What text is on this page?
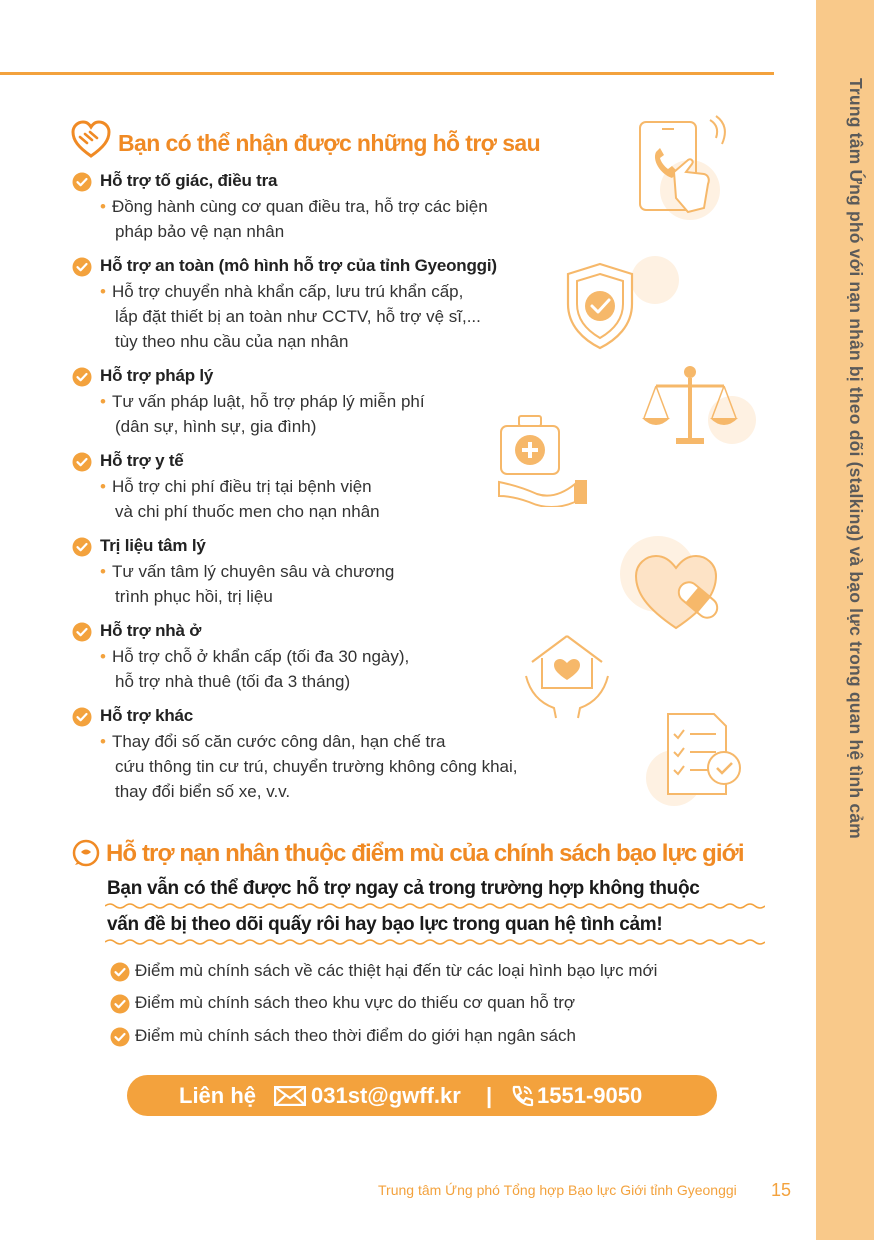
Trung tâm Ứng phó với nạn nhân bị theo dõi (stalking) và bạo lực trong quan hệ tình cảm
Bạn có thể nhận được những hỗ trợ sau
Hỗ trợ tố giác, điều tra
• Đồng hành cùng cơ quan điều tra, hỗ trợ các biện
pháp bảo vệ nạn nhân
Hỗ trợ an toàn (mô hình hỗ trợ của tỉnh Gyeonggi)
• Hỗ trợ chuyển nhà khẩn cấp, lưu trú khẩn cấp,
lắp đặt thiết bị an toàn như CCTV, hỗ trợ vệ sĩ,...
tùy theo nhu cầu của nạn nhân
Hỗ trợ pháp lý
• Tư vấn pháp luật, hỗ trợ pháp lý miễn phí
(dân sự, hình sự, gia đình)
Hỗ trợ y tế
• Hỗ trợ chi phí điều trị tại bệnh viện
và chi phí thuốc men cho nạn nhân
Trị liệu tâm lý
• Tư vấn tâm lý chuyên sâu và chương
trình phục hồi, trị liệu
Hỗ trợ nhà ở
• Hỗ trợ chỗ ở khẩn cấp (tối đa 30 ngày),
hỗ trợ nhà thuê (tối đa 3 tháng)
Hỗ trợ khác
• Thay đổi số căn cước công dân, hạn chế tra
cứu thông tin cư trú, chuyển trường không công khai,
thay đổi biển số xe, v.v.
Hỗ trợ nạn nhân thuộc điểm mù của chính sách bạo lực giới
Bạn vẫn có thể được hỗ trợ ngay cả trong trường hợp không thuộc
vấn đề bị theo dõi quấy rôi hay bạo lực trong quan hệ tình cảm!
Điểm mù chính sách về các thiệt hại đến từ các loại hình bạo lực mới
Điểm mù chính sách theo khu vực do thiếu cơ quan hỗ trợ
Điểm mù chính sách theo thời điểm do giới hạn ngân sách
Liên hệ 031st@gwff.kr | 1551-9050
Trung tâm Ứng phó Tổng hợp Bạo lực Giới tỉnh Gyeonggi 15
